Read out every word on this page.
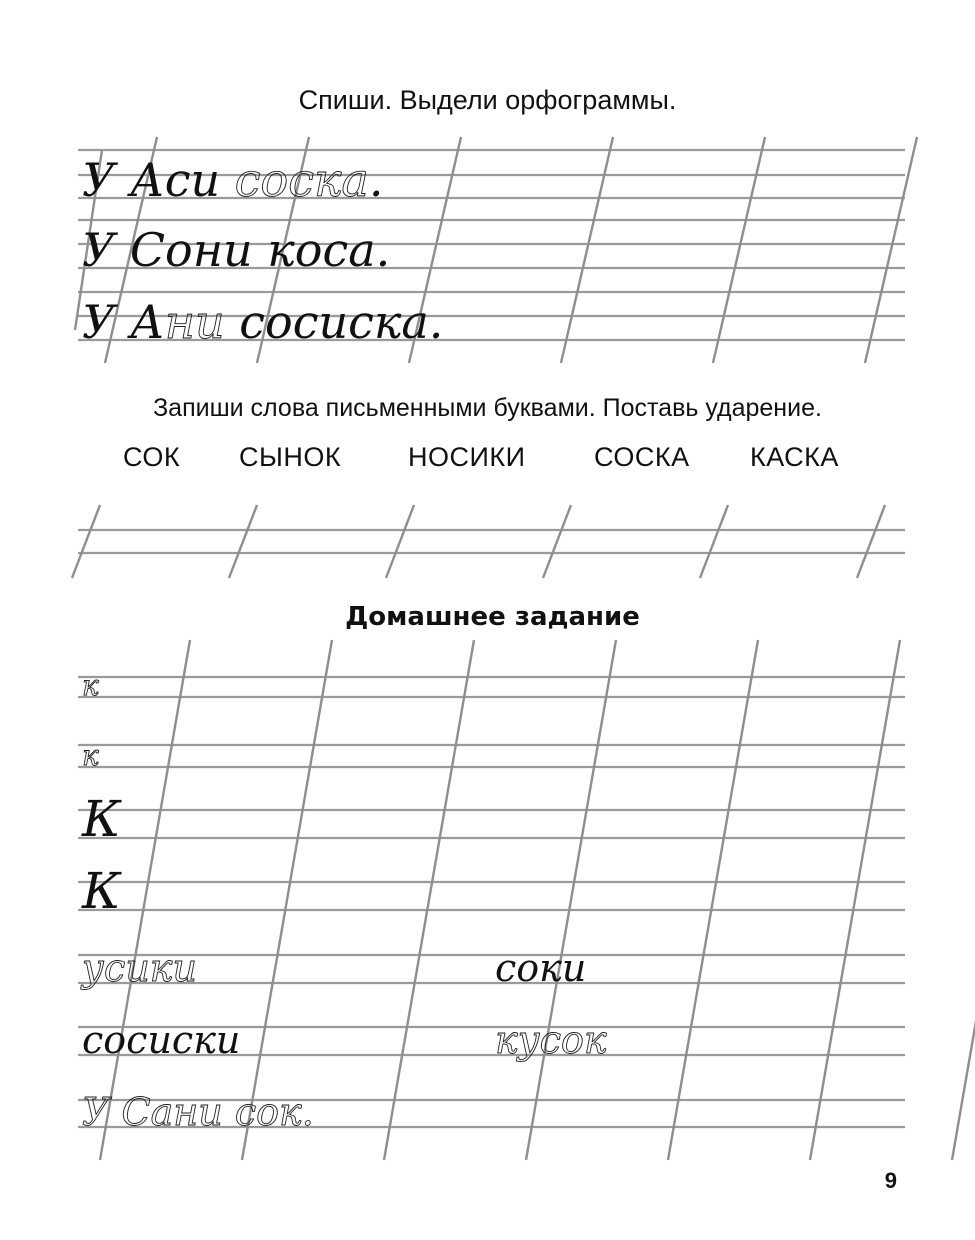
Спиши. Выдели орфограммы.
Запиши слова письменными буквами. Поставь ударение.
СОК СЫНОК НОСИКИ	СОСКА КАСКА
Домашнее задание
У Аси соска.
У Сони коса.
У Ани сосиска.
к
к
К
К
усики	соки
сосиски	кусок
У Сани сок.
9
